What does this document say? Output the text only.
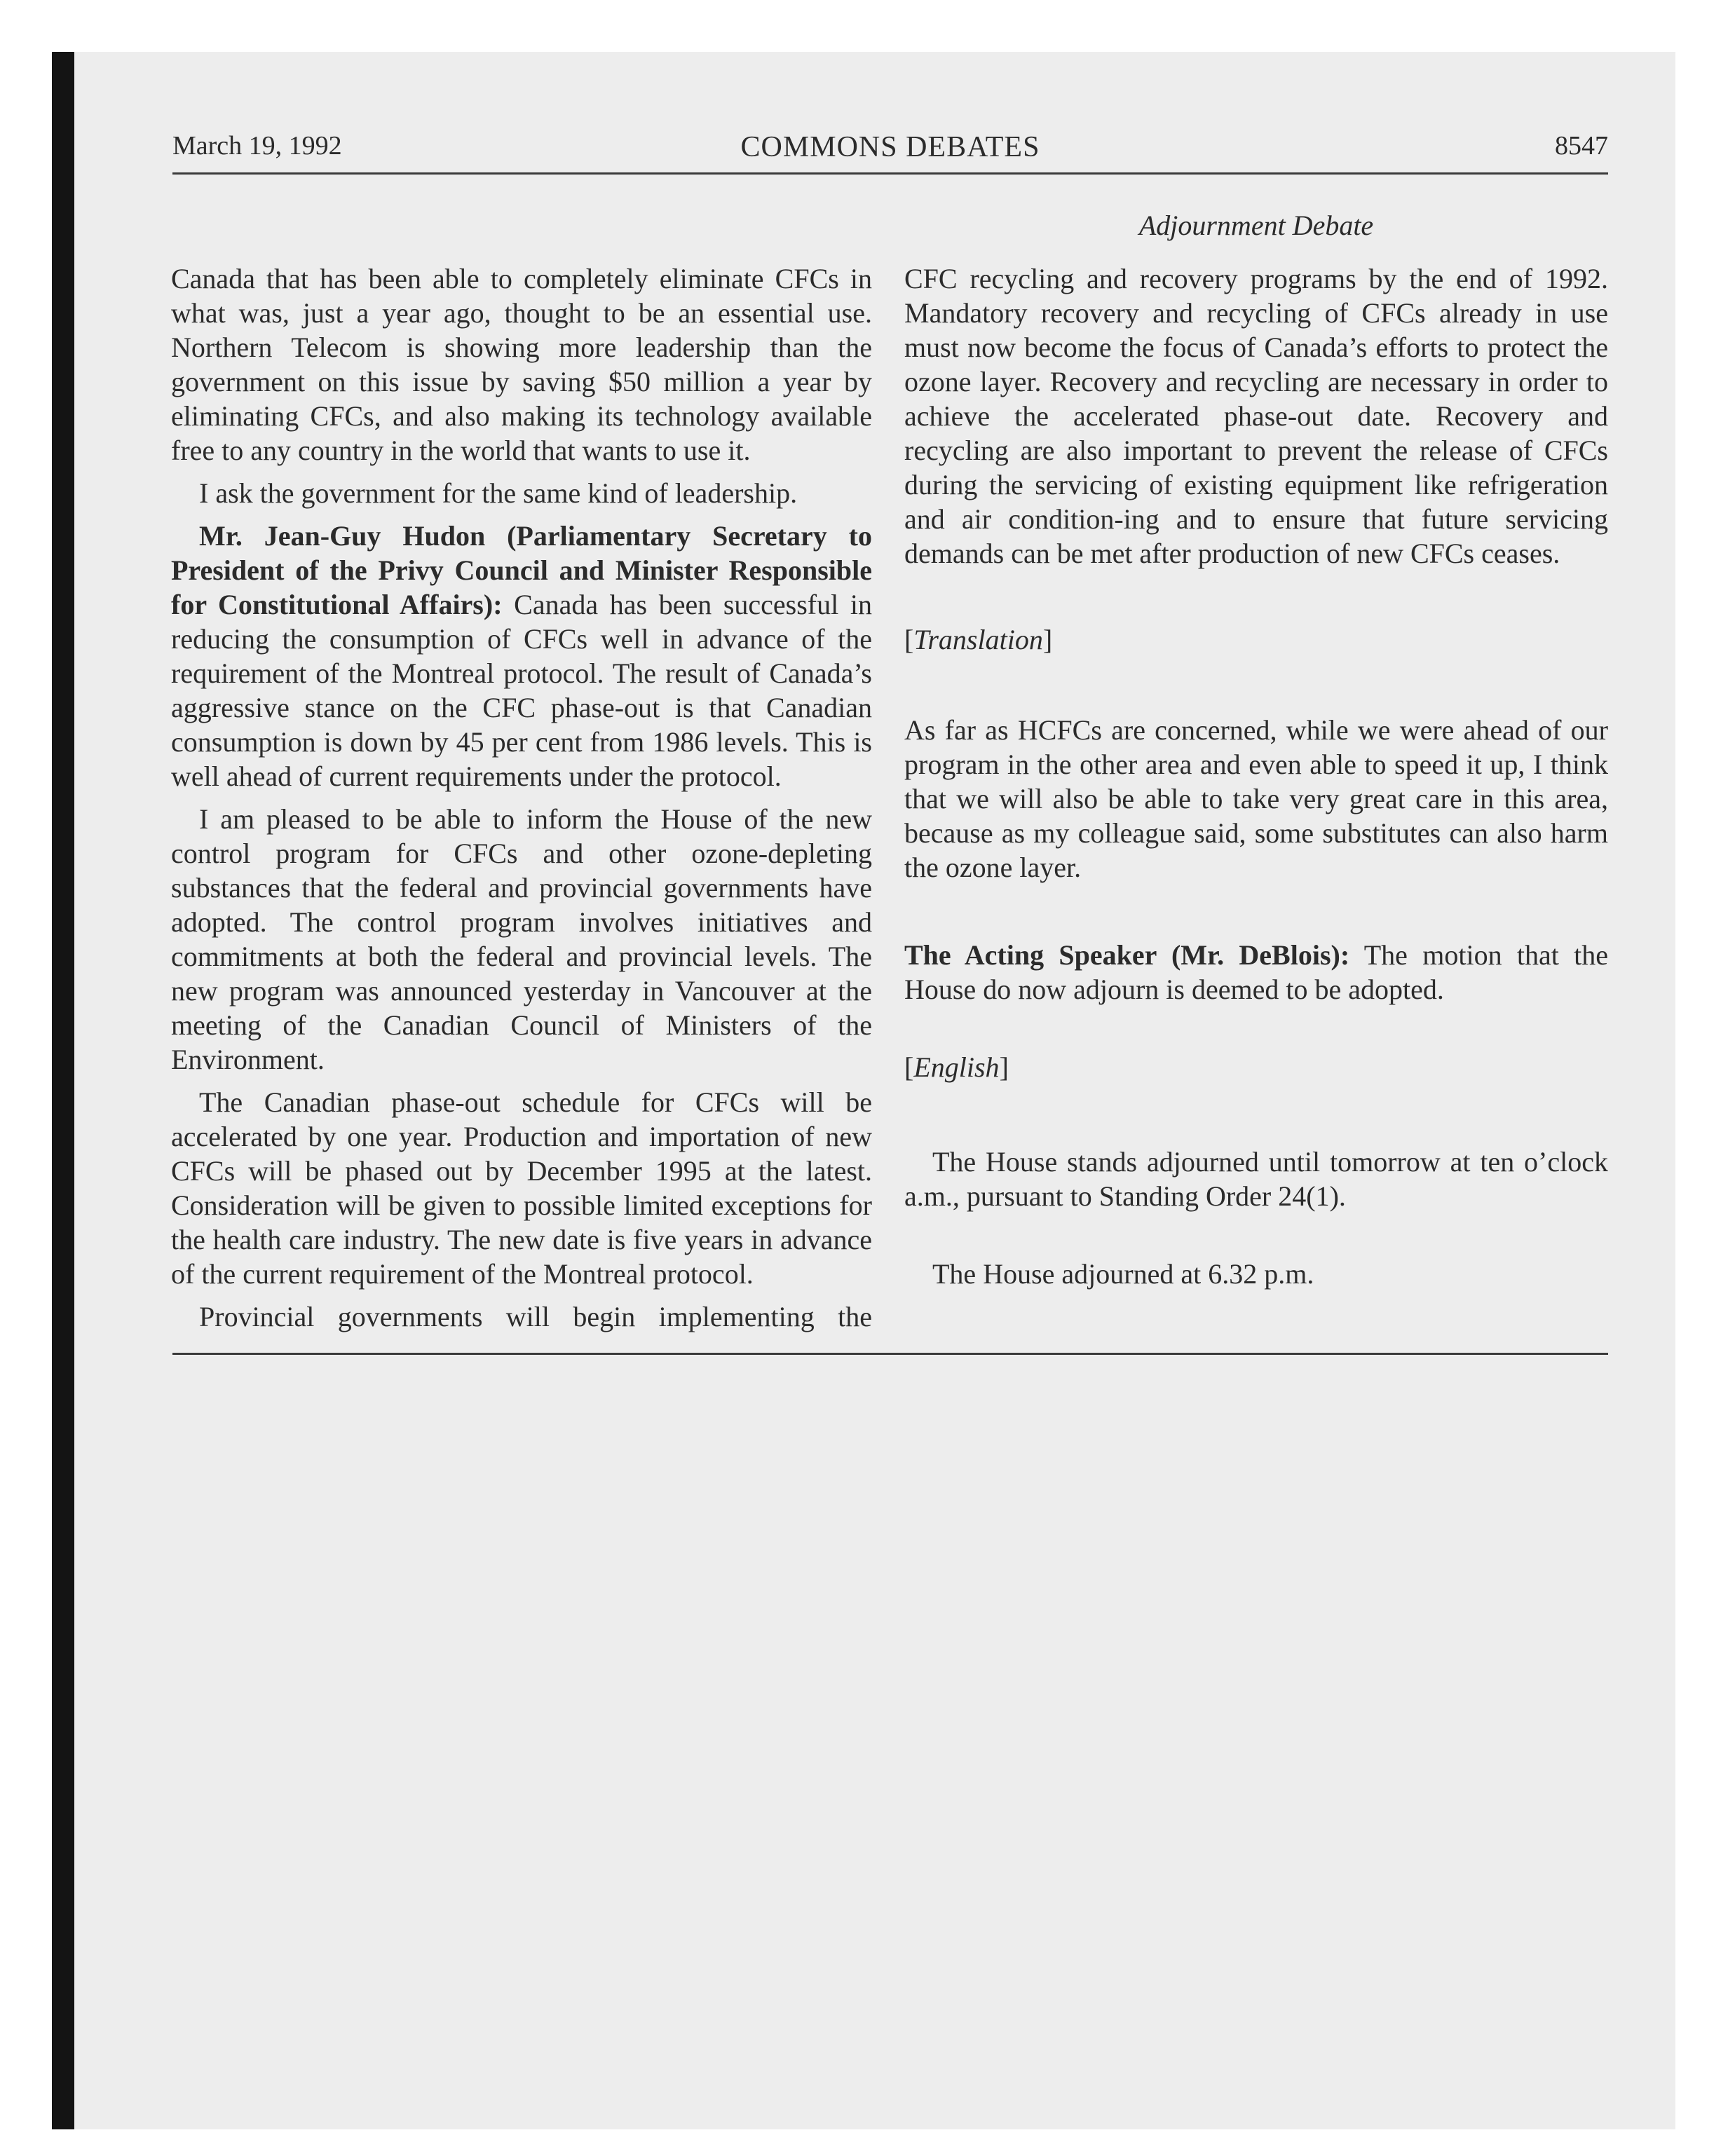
March 19, 1992	COMMONS DEBATES	8547
Adjournment Debate

Canada that has been able to completely eliminate CFCs in what was, just a year ago, thought to be an essential use. Northern Telecom is showing more leadership than the government on this issue by saving $50 million a year by eliminating CFCs, and also making its technology available free to any country in the world that wants to use it.

I ask the government for the same kind of leadership.

Mr. Jean-Guy Hudon (Parliamentary Secretary to President of the Privy Council and Minister Responsible for Constitutional Affairs): Canada has been successful in reducing the consumption of CFCs well in advance of the requirement of the Montreal protocol. The result of Canada’s aggressive stance on the CFC phase-out is that Canadian consumption is down by 45 per cent from 1986 levels. This is well ahead of current requirements under the protocol.

I am pleased to be able to inform the House of the new control program for CFCs and other ozone-depleting substances that the federal and provincial governments have adopted. The control program involves initiatives and commitments at both the federal and provincial levels. The new program was announced yesterday in Vancouver at the meeting of the Canadian Council of Ministers of the Environment.

The Canadian phase-out schedule for CFCs will be accelerated by one year. Production and importation of new CFCs will be phased out by December 1995 at the latest. Consideration will be given to possible limited exceptions for the health care industry. The new date is five years in advance of the current requirement of the Montreal protocol.

Provincial governments will begin implementing the

CFC recycling and recovery programs by the end of 1992. Mandatory recovery and recycling of CFCs already in use must now become the focus of Canada’s efforts to protect the ozone layer. Recovery and recycling are necessary in order to achieve the accelerated phase-out date. Recovery and recycling are also important to prevent the release of CFCs during the servicing of existing equipment like refrigeration and air condition-ing and to ensure that future servicing demands can be met after production of new CFCs ceases.

[Translation]

As far as HCFCs are concerned, while we were ahead of our program in the other area and even able to speed it up, I think that we will also be able to take very great care in this area, because as my colleague said, some substitutes can also harm the ozone layer.

The Acting Speaker (Mr. DeBlois): The motion that the House do now adjourn is deemed to be adopted.

[English]

The House stands adjourned until tomorrow at ten o’clock a.m., pursuant to Standing Order 24(1).

The House adjourned at 6.32 p.m.
